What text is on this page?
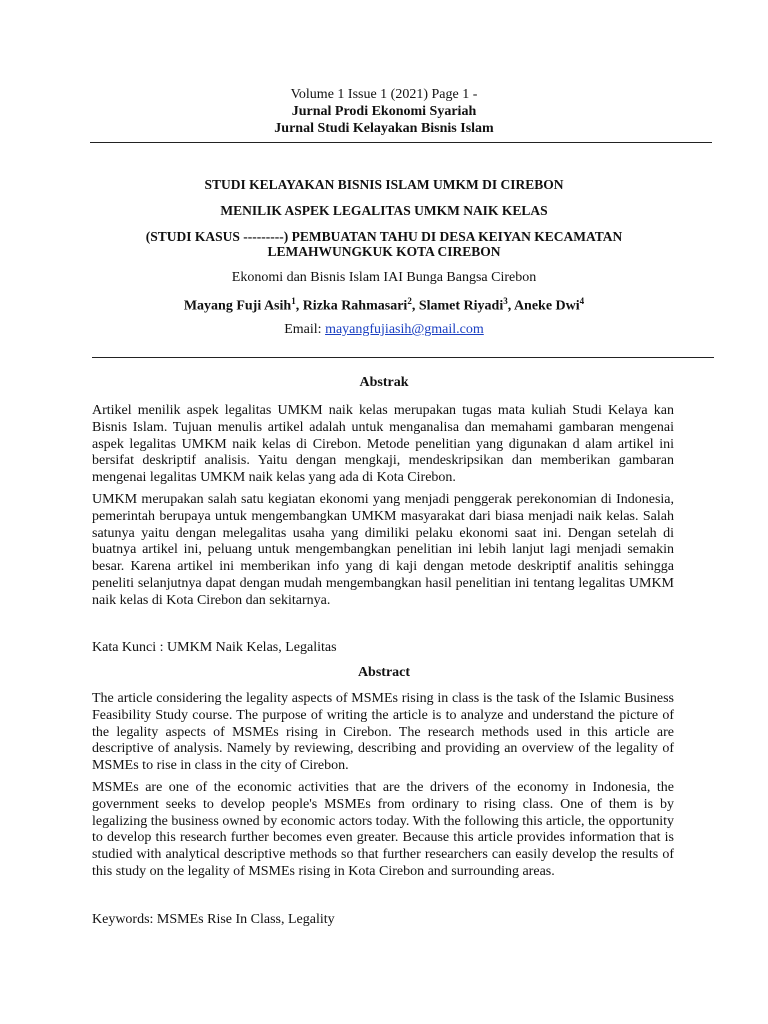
Volume 1 Issue 1 (2021) Page 1 -
Jurnal Prodi Ekonomi Syariah
Jurnal Studi Kelayakan Bisnis Islam
STUDI KELAYAKAN BISNIS ISLAM UMKM DI CIREBON
MENILIK ASPEK LEGALITAS UMKM NAIK KELAS
(STUDI KASUS ---------) PEMBUATAN TAHU DI DESA KEIYAN KECAMATAN
LEMAHWUNGKUK KOTA CIREBON
Ekonomi dan Bisnis Islam IAI Bunga Bangsa Cirebon
Mayang Fuji Asih$^1$, Rizka Rahmasari$^2$, Slamet Riyadi$^3$, Aneke Dwi$^4$
Email: mayangfujiasih@gmail.com
Abstrak
Artikel menilik aspek legalitas UMKM naik kelas merupakan tugas mata kuliah Studi Kelaya kan Bisnis Islam. Tujuan menulis artikel adalah untuk menganalisa dan memahami gambaran mengenai aspek legalitas UMKM naik kelas di Cirebon. Metode penelitian yang digunakan d alam artikel ini bersifat deskriptif analisis. Yaitu dengan mengkaji, mendeskripsikan dan memberikan gambaran mengenai legalitas UMKM naik kelas yang ada di Kota Cirebon.
UMKM merupakan salah satu kegiatan ekonomi yang menjadi penggerak perekonomian di Indonesia, pemerintah berupaya untuk mengembangkan UMKM masyarakat dari biasa menjadi naik kelas. Salah satunya yaitu dengan melegalitas usaha yang dimiliki pelaku ekonomi saat ini. Dengan setelah di buatnya artikel ini, peluang untuk mengembangkan penelitian ini lebih lanjut lagi menjadi semakin besar. Karena artikel ini memberikan info yang di kaji dengan metode deskriptif analitis sehingga peneliti selanjutnya dapat dengan mudah mengembangkan hasil penelitian ini tentang legalitas UMKM naik kelas di Kota Cirebon dan sekitarnya.
Kata Kunci : UMKM Naik Kelas, Legalitas
Abstract
The article considering the legality aspects of MSMEs rising in class is the task of the Islamic Business Feasibility Study course. The purpose of writing the article is to analyze and understand the picture of the legality aspects of MSMEs rising in Cirebon. The research methods used in this article are descriptive of analysis. Namely by reviewing, describing and providing an overview of the legality of MSMEs to rise in class in the city of Cirebon.
MSMEs are one of the economic activities that are the drivers of the economy in Indonesia, the government seeks to develop people's MSMEs from ordinary to rising class. One of them is by legalizing the business owned by economic actors today. With the following this article, the opportunity to develop this research further becomes even greater. Because this article provides information that is studied with analytical descriptive methods so that further researchers can easily develop the results of this study on the legality of MSMEs rising in Kota Cirebon and surrounding areas.
Keywords: MSMEs Rise In Class, Legality
